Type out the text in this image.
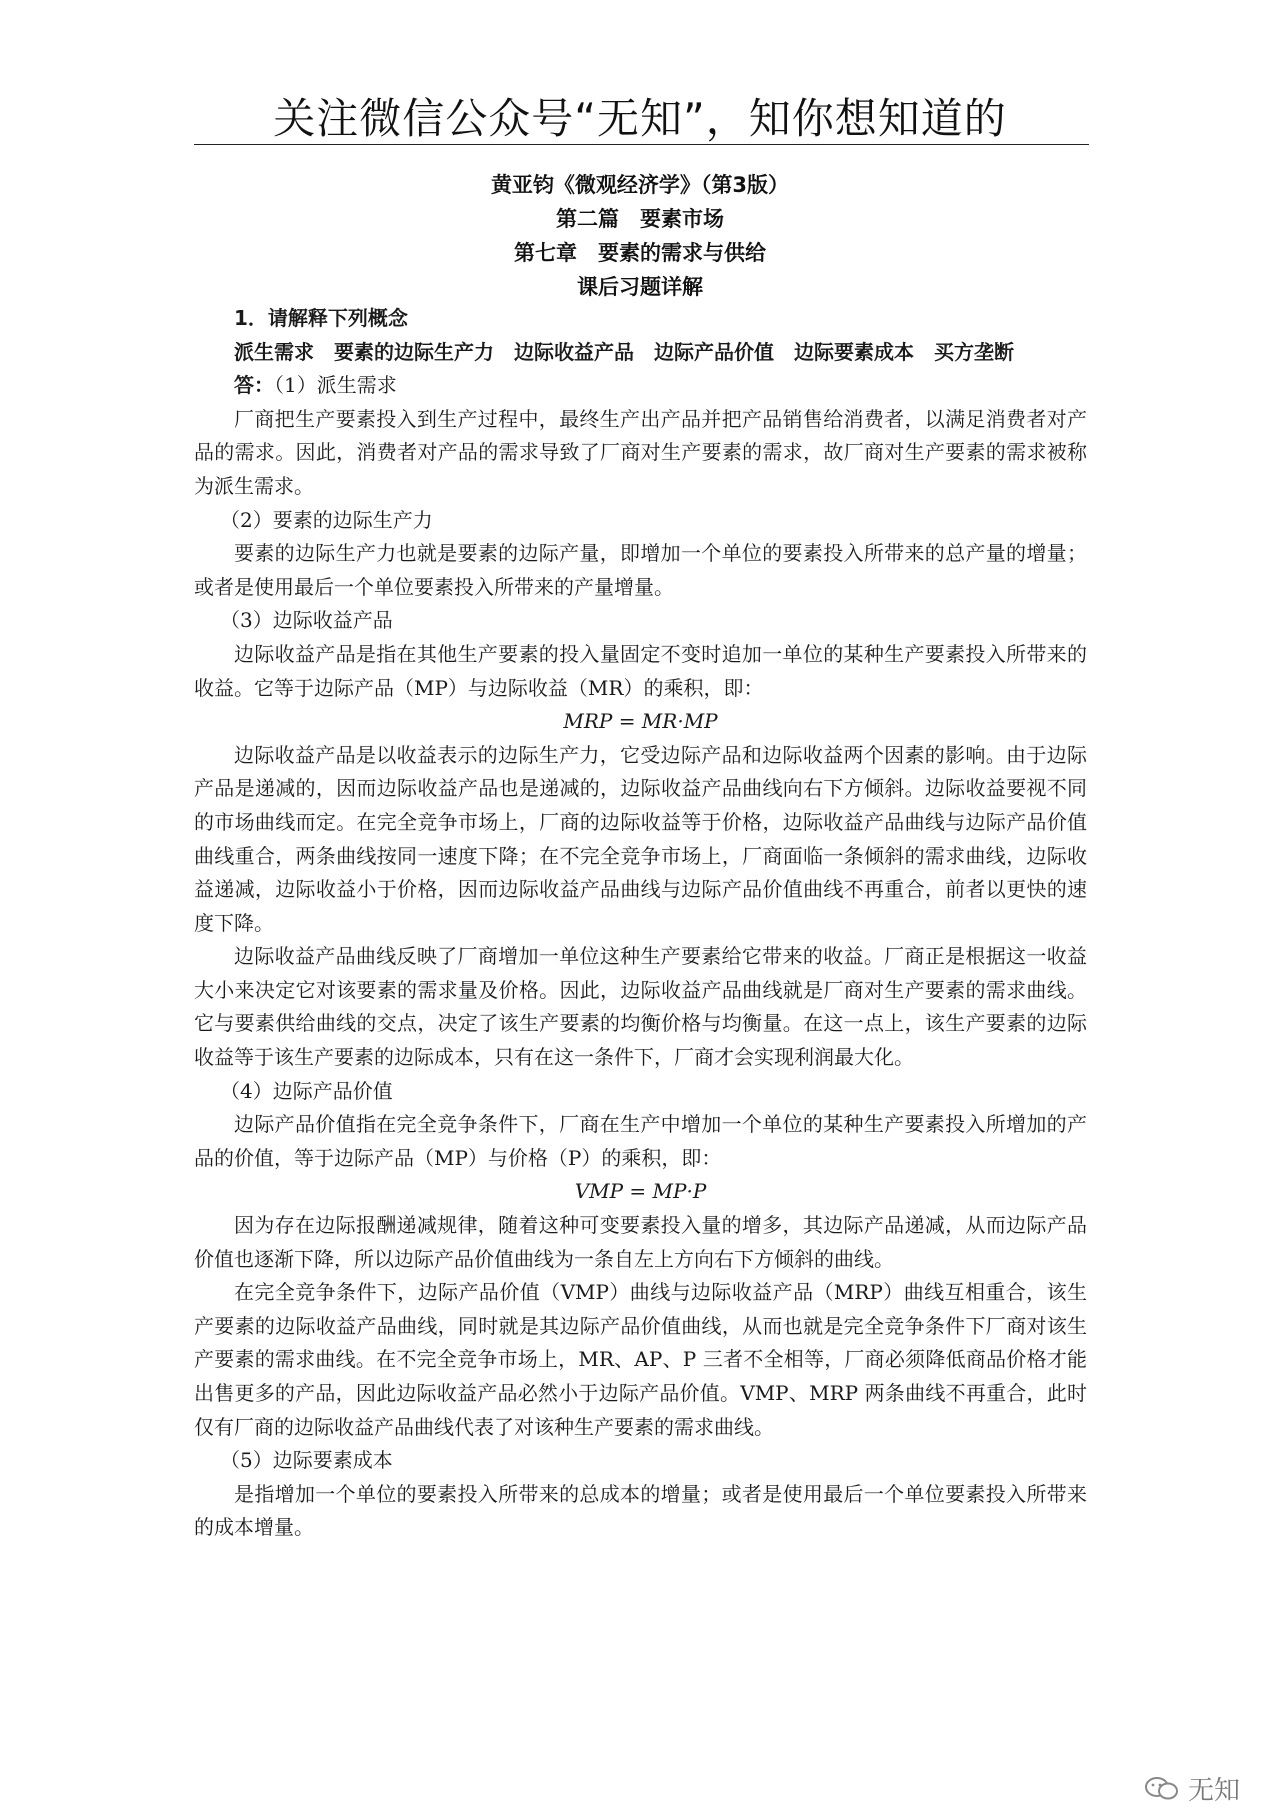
关注微信公众号“无知”，知你想知道的
黄亚钧《微观经济学》（第3版）
第二篇　要素市场
第七章　要素的需求与供给
课后习题详解

1．请解释下列概念

派生需求　要素的边际生产力　边际收益产品　边际产品价值　边际要素成本　买方垄断

答：（1）派生需求

厂商把生产要素投入到生产过程中，最终生产出产品并把产品销售给消费者，以满足消费者对产品的需求。因此，消费者对产品的需求导致了厂商对生产要素的需求，故厂商对生产要素的需求被称为派生需求。

（2）要素的边际生产力

要素的边际生产力也就是要素的边际产量，即增加一个单位的要素投入所带来的总产量的增量；或者是使用最后一个单位要素投入所带来的产量增量。

（3）边际收益产品

边际收益产品是指在其他生产要素的投入量固定不变时追加一单位的某种生产要素投入所带来的收益。它等于边际产品（MP）与边际收益（MR）的乘积，即：

MRP = MR·MP

边际收益产品是以收益表示的边际生产力，它受边际产品和边际收益两个因素的影响。由于边际产品是递减的，因而边际收益产品也是递减的，边际收益产品曲线向右下方倾斜。边际收益要视不同的市场曲线而定。在完全竞争市场上，厂商的边际收益等于价格，边际收益产品曲线与边际产品价值曲线重合，两条曲线按同一速度下降；在不完全竞争市场上，厂商面临一条倾斜的需求曲线，边际收益递减，边际收益小于价格，因而边际收益产品曲线与边际产品价值曲线不再重合，前者以更快的速度下降。

边际收益产品曲线反映了厂商增加一单位这种生产要素给它带来的收益。厂商正是根据这一收益大小来决定它对该要素的需求量及价格。因此，边际收益产品曲线就是厂商对生产要素的需求曲线。它与要素供给曲线的交点，决定了该生产要素的均衡价格与均衡量。在这一点上，该生产要素的边际收益等于该生产要素的边际成本，只有在这一条件下，厂商才会实现利润最大化。

（4）边际产品价值

边际产品价值指在完全竞争条件下，厂商在生产中增加一个单位的某种生产要素投入所增加的产品的价值，等于边际产品（MP）与价格（P）的乘积，即：

VMP = MP·P

因为存在边际报酬递减规律，随着这种可变要素投入量的增多，其边际产品递减，从而边际产品价值也逐渐下降，所以边际产品价值曲线为一条自左上方向右下方倾斜的曲线。

在完全竞争条件下，边际产品价值（VMP）曲线与边际收益产品（MRP）曲线互相重合，该生产要素的边际收益产品曲线，同时就是其边际产品价值曲线，从而也就是完全竞争条件下厂商对该生产要素的需求曲线。在不完全竞争市场上，MR、AP、P 三者不全相等，厂商必须降低商品价格才能出售更多的产品，因此边际收益产品必然小于边际产品价值。VMP、MRP 两条曲线不再重合，此时仅有厂商的边际收益产品曲线代表了对该种生产要素的需求曲线。

（5）边际要素成本

是指增加一个单位的要素投入所带来的总成本的增量；或者是使用最后一个单位要素投入所带来的成本增量。

无知
